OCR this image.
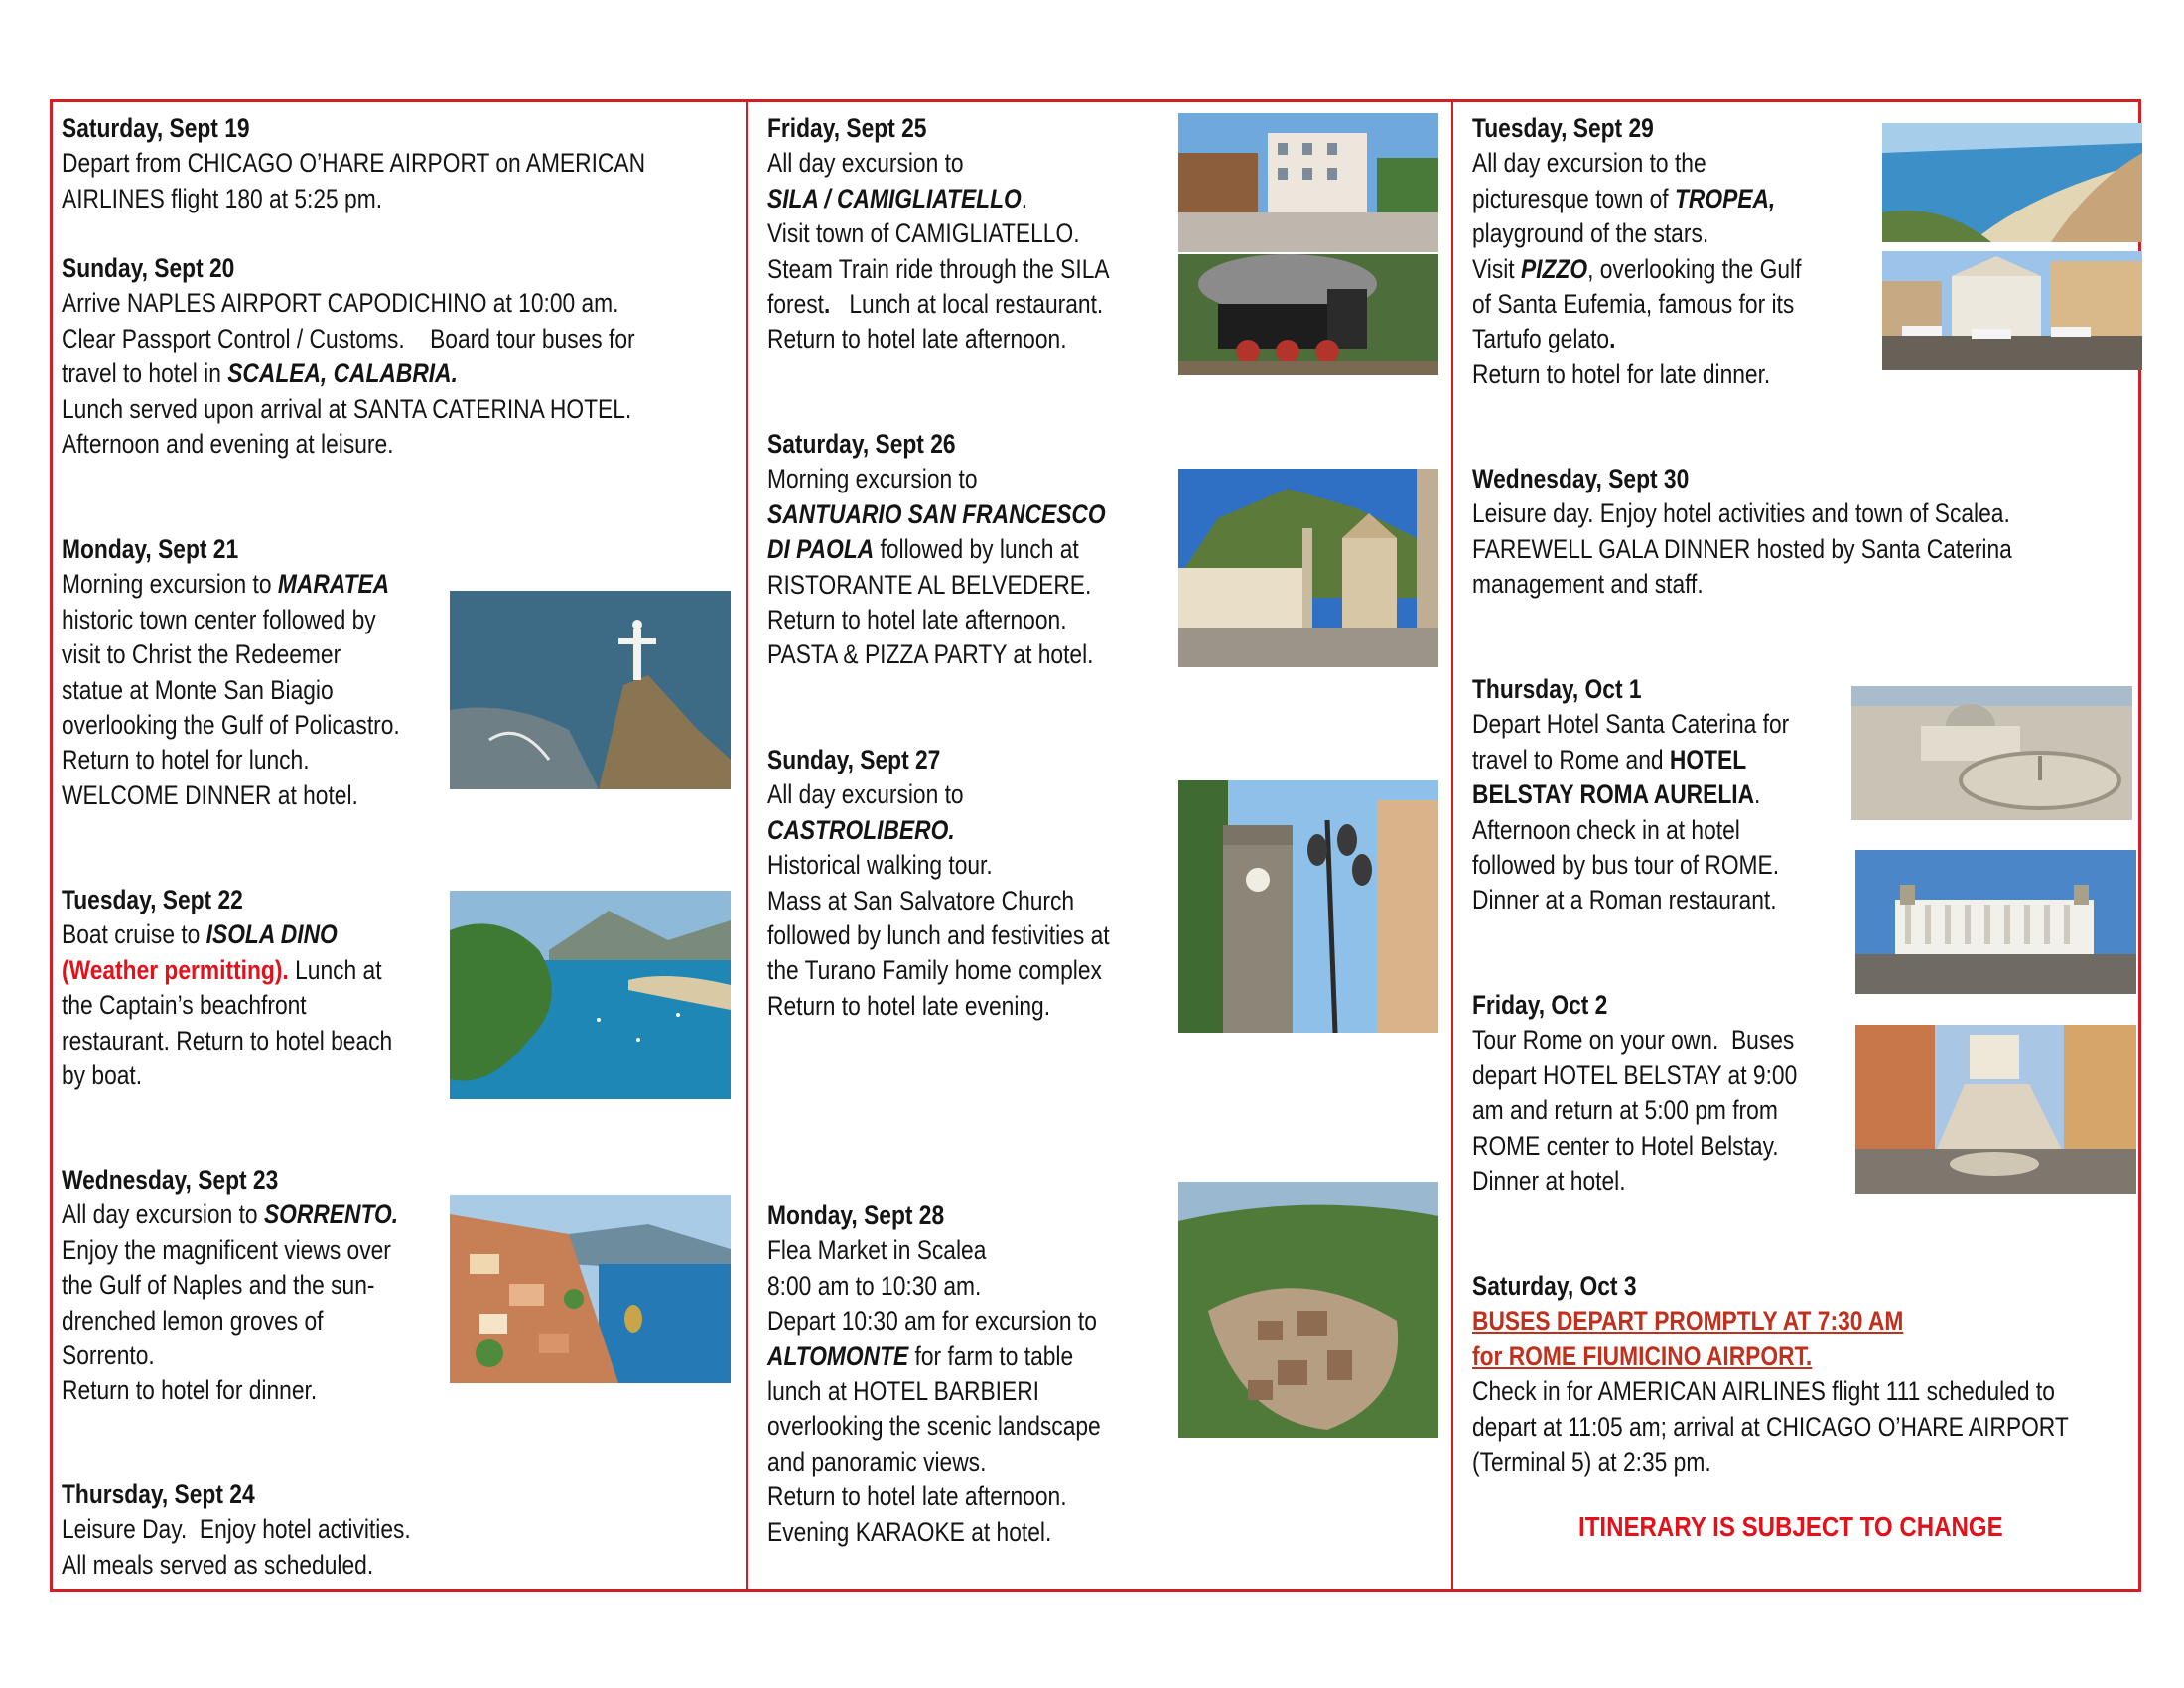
Saturday, Sept 19
Depart from CHICAGO O’HARE AIRPORT on AMERICAN
AIRLINES flight 180 at 5:25 pm.
Sunday, Sept 20
Arrive NAPLES AIRPORT CAPODICHINO at 10:00 am.
Clear Passport Control / Customs.    Board tour buses for
travel to hotel in SCALEA, CALABRIA.
Lunch served upon arrival at SANTA CATERINA HOTEL.
Afternoon and evening at leisure.
Monday, Sept 21
Morning excursion to MARATEA
historic town center followed by
visit to Christ the Redeemer
statue at Monte San Biagio
overlooking the Gulf of Policastro.
Return to hotel for lunch.
WELCOME DINNER at hotel.
Tuesday, Sept 22
Boat cruise to ISOLA DINO
(Weather permitting). Lunch at
the Captain’s beachfront
restaurant. Return to hotel beach
by boat.
Wednesday, Sept 23
All day excursion to SORRENTO.
Enjoy the magnificent views over
the Gulf of Naples and the sun-
drenched lemon groves of
Sorrento.
Return to hotel for dinner.
Thursday, Sept 24
Leisure Day.  Enjoy hotel activities.
All meals served as scheduled.
Friday, Sept 25
All day excursion to
SILA / CAMIGLIATELLO.
Visit town of CAMIGLIATELLO.
Steam Train ride through the SILA
forest.   Lunch at local restaurant.
Return to hotel late afternoon.
Saturday, Sept 26
Morning excursion to
SANTUARIO SAN FRANCESCO
DI PAOLA followed by lunch at
RISTORANTE AL BELVEDERE.
Return to hotel late afternoon.
PASTA & PIZZA PARTY at hotel.
Sunday, Sept 27
All day excursion to
CASTROLIBERO.
Historical walking tour.
Mass at San Salvatore Church
followed by lunch and festivities at
the Turano Family home complex
Return to hotel late evening.
Monday, Sept 28
Flea Market in Scalea
8:00 am to 10:30 am.
Depart 10:30 am for excursion to
ALTOMONTE for farm to table
lunch at HOTEL BARBIERI
overlooking the scenic landscape
and panoramic views.
Return to hotel late afternoon.
Evening KARAOKE at hotel.
Tuesday, Sept 29
All day excursion to the
picturesque town of TROPEA,
playground of the stars.
Visit PIZZO, overlooking the Gulf
of Santa Eufemia, famous for its
Tartufo gelato.
Return to hotel for late dinner.
Wednesday, Sept 30
Leisure day. Enjoy hotel activities and town of Scalea.
FAREWELL GALA DINNER hosted by Santa Caterina
management and staff.
Thursday, Oct 1
Depart Hotel Santa Caterina for
travel to Rome and HOTEL
BELSTAY ROMA AURELIA.
Afternoon check in at hotel
followed by bus tour of ROME.
Dinner at a Roman restaurant.
Friday, Oct 2
Tour Rome on your own.  Buses
depart HOTEL BELSTAY at 9:00
am and return at 5:00 pm from
ROME center to Hotel Belstay.
Dinner at hotel.
Saturday, Oct 3
BUSES DEPART PROMPTLY AT 7:30 AM
for ROME FIUMICINO AIRPORT.
Check in for AMERICAN AIRLINES flight 111 scheduled to
depart at 11:05 am; arrival at CHICAGO O’HARE AIRPORT
(Terminal 5) at 2:35 pm.
ITINERARY IS SUBJECT TO CHANGE
